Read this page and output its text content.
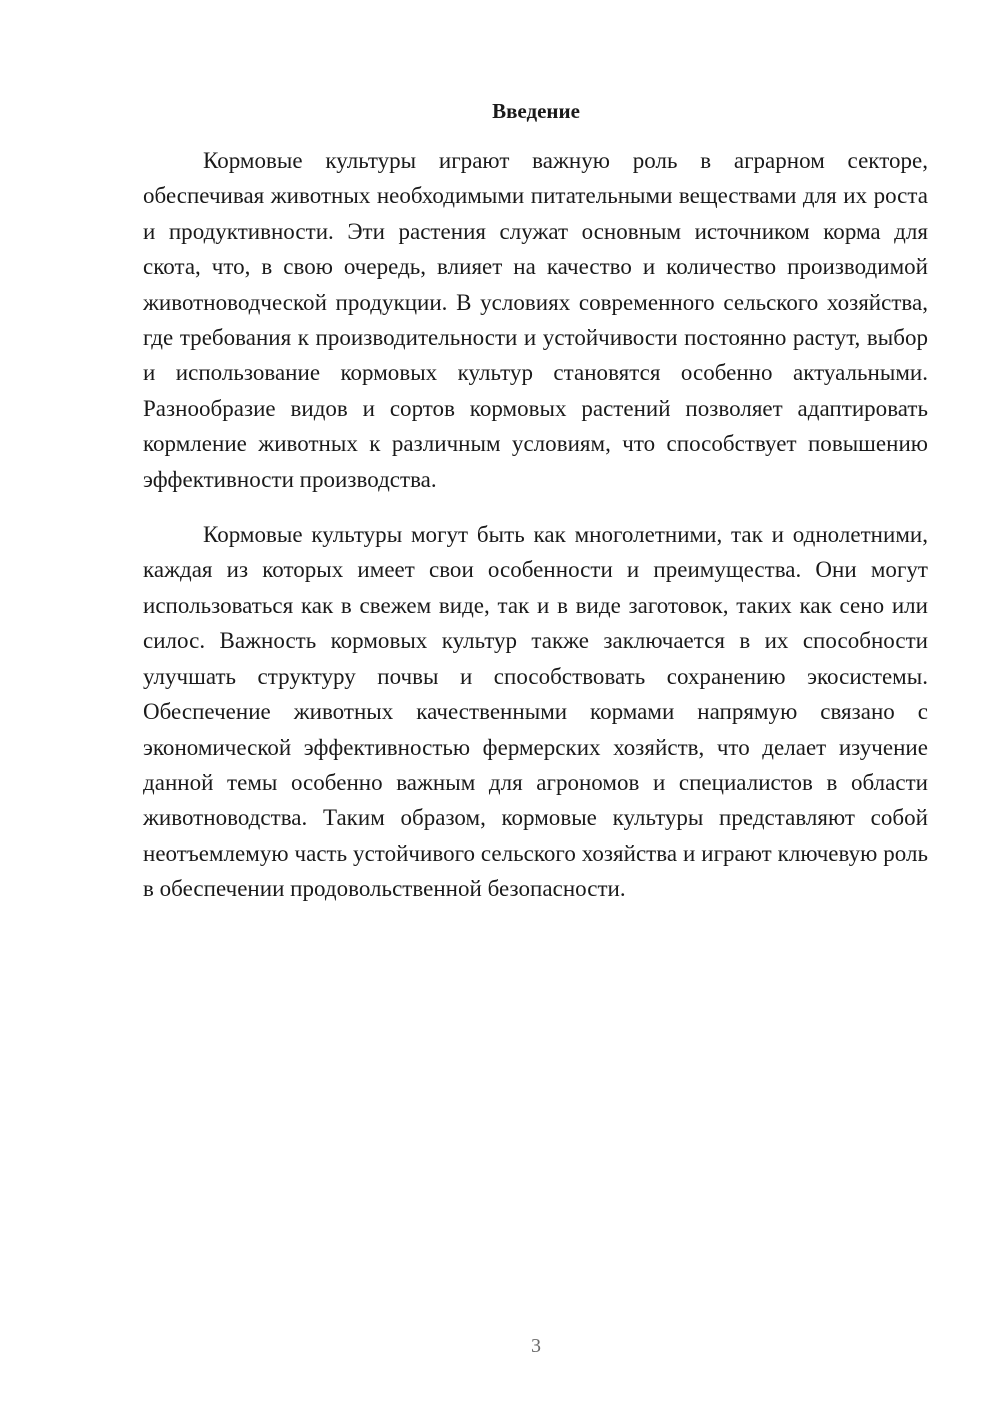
Введение

Кормовые культуры играют важную роль в аграрном секторе, обеспечивая животных необходимыми питательными веществами для их роста и продуктивности. Эти растения служат основным источником корма для скота, что, в свою очередь, влияет на качество и количество производимой животноводческой продукции. В условиях современного сельского хозяйства, где требования к производительности и устойчивости постоянно растут, выбор и использование кормовых культур становятся особенно актуальными. Разнообразие видов и сортов кормовых растений позволяет адаптировать кормление животных к различным условиям, что способствует повышению эффективности производства.

Кормовые культуры могут быть как многолетними, так и однолетними, каждая из которых имеет свои особенности и преимущества. Они могут использоваться как в свежем виде, так и в виде заготовок, таких как сено или силос. Важность кормовых культур также заключается в их способности улучшать структуру почвы и способствовать сохранению экосистемы. Обеспечение животных качественными кормами напрямую связано с экономической эффективностью фермерских хозяйств, что делает изучение данной темы особенно важным для агрономов и специалистов в области животноводства. Таким образом, кормовые культуры представляют собой неотъемлемую часть устойчивого сельского хозяйства и играют ключевую роль в обеспечении продовольственной безопасности.

3
